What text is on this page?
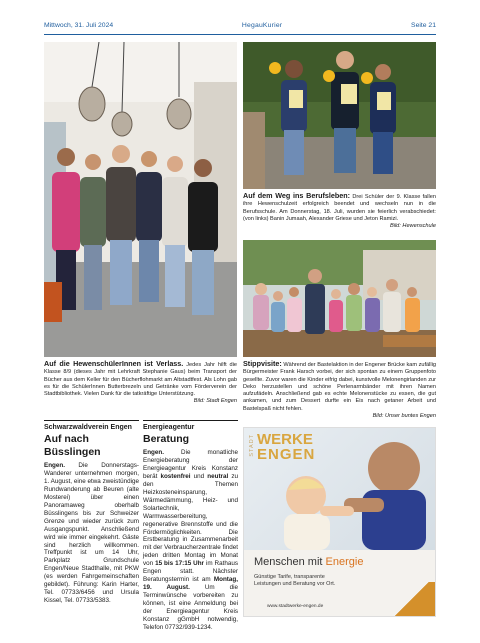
Mittwoch, 31. Juli 2024	HegauKurier	Seite 21
Auf die HewenschülerInnen ist Verlass. Jedes Jahr hilft die Klasse 8/9 (dieses Jahr mit Lehrkraft Stephanie Gaus) beim Transport der Bücher aus dem Keller für den Bücherflohmarkt am Altstadtfest. Als Lohn gab es für die SchülerInnen Butterbrezeln und Getränke vom Förderverein der Stadtbibliothek. Vielen Dank für die tatkräftige Unterstützung.
Bild: Stadt Engen
Auf dem Weg ins Berufsleben: Drei Schüler der 9. Klasse fallen ihre Hewenschulzeit erfolgreich beendet und wechseln nun in die Berufsschule. Am Donnerstag, 18. Juli, wurden sie feierlich verabschiedet: (von links) Banin Jumaah, Alexander Griese und Jeton Ramizi.
Bild: Hewenschule
Stippvisite: Während der Bastelaktion in der Engener Brücke kam zufällig Bürgermeister Frank Harsch vorbei, der sich spontan zu einem Gruppenfoto gesellte. Zuvor waren die Kinder eifrig dabei, kunstvolle Melonengirlanden zur Deko herzustellen und schöne Perlenarmbänder mit ihren Namen aufzufädeln. Anschließend gab es echte Melonenstücke zu essen, die gut ankamen, und zum Dessert durfte ein Eis nach getaner Arbeit und Bastelspaß nicht fehlen.
Bild: Unser buntes Engen
Schwarzwaldverein Engen
Auf nach Büsslingen
Engen. Die Donnerstags-Wanderer unternehmen morgen, 1. August, eine etwa zweistündige Rundwanderung ab Beuren (alte Mosterei) über einen Panoramaweg oberhalb Büsslingens bis zur Schweizer Grenze und wieder zurück zum Ausgangspunkt. Anschließend wird wie immer eingekehrt. Gäste sind herzlich willkommen. Treffpunkt ist um 14 Uhr, Parkplatz Grundschule Engen/Neue Stadthalle, mit PKW (es werden Fahrgemeinschaften gebildet). Führung: Karin Harter, Tel. 07733/6456 und Ursula Kissel, Tel. 07733/5383.
Energieagentur
Beratung
Engen.	Die monatliche Energieberatung der Energieagentur Kreis Konstanz berät kostenfrei und neutral zu den Themen Heizkosteneinsparung, Wärmedämmung, Heiz- und Solartechnik, Warmwasserbereitung, regenerative Brennstoffe und die Fördermöglichkeiten. Die Erstberatung in Zusammenarbeit mit der Verbraucherzentrale findet jeden dritten Montag im Monat von 15 bis 17:15 Uhr im Rathaus Engen statt. Nächster Beratungstermin ist am Montag, 19. August. Um die Terminwünsche vorbereiten zu können, ist eine Anmeldung bei der Energieagentur Kreis Konstanz gGmbH notwendig, Telefon 07732/939-1234.
STADT WERKE
ENGEN
Menschen mit Energie
Günstige Tarife, transparente
Leistungen und Beratung vor Ort.
www.stadtwerke-engen.de
